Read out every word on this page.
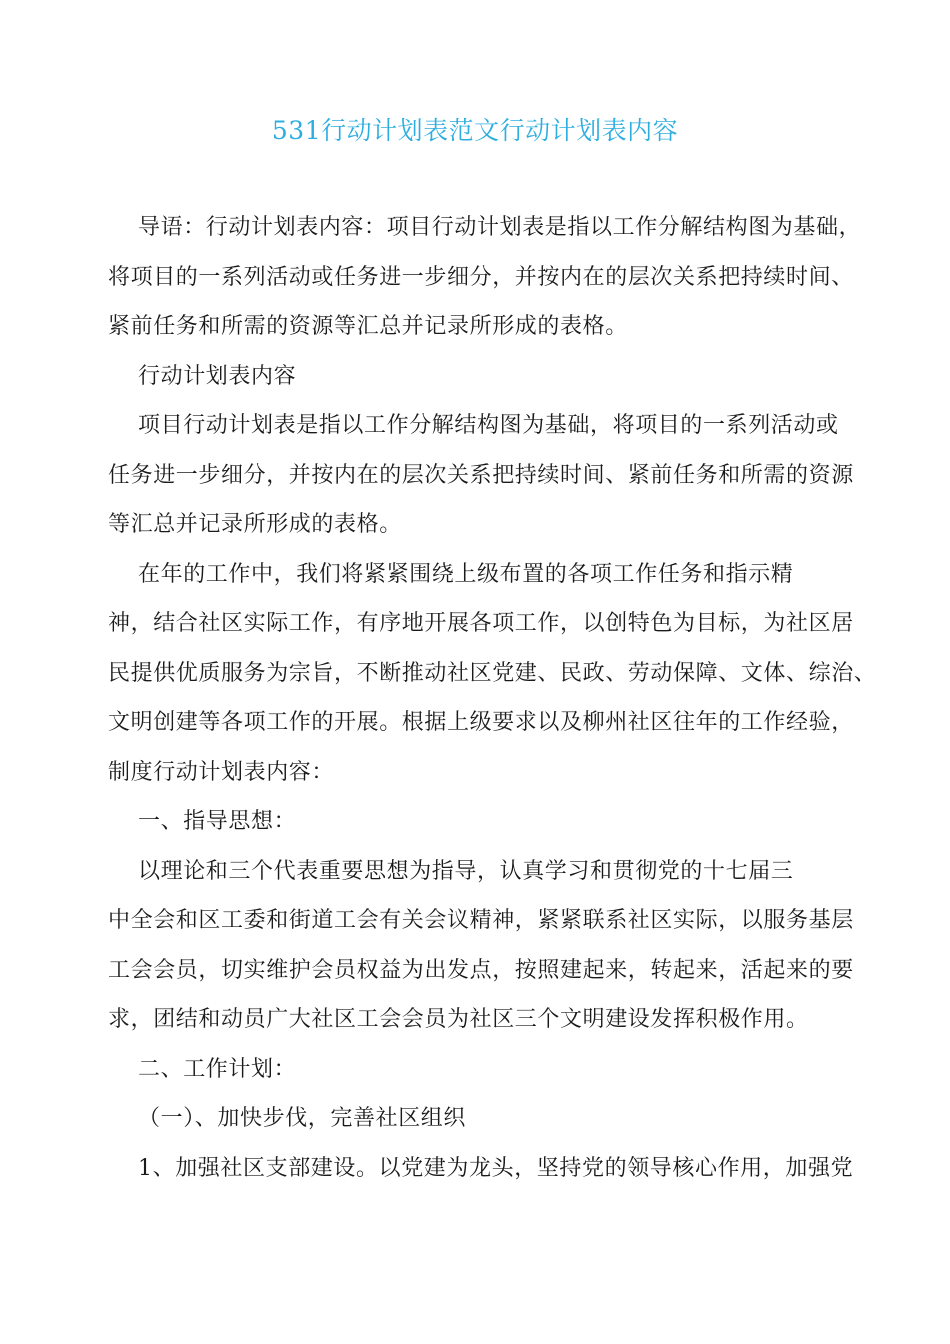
531行动计划表范文行动计划表内容
导语：行动计划表内容：项目行动计划表是指以工作分解结构图为基础，
将项目的一系列活动或任务进一步细分，并按内在的层次关系把持续时间、
紧前任务和所需的资源等汇总并记录所形成的表格。
行动计划表内容
项目行动计划表是指以工作分解结构图为基础，将项目的一系列活动或
任务进一步细分，并按内在的层次关系把持续时间、紧前任务和所需的资源
等汇总并记录所形成的表格。
在年的工作中，我们将紧紧围绕上级布置的各项工作任务和指示精
神，结合社区实际工作，有序地开展各项工作，以创特色为目标，为社区居
民提供优质服务为宗旨，不断推动社区党建、民政、劳动保障、文体、综治、
文明创建等各项工作的开展。根据上级要求以及柳州社区往年的工作经验，
制度行动计划表内容：
一、指导思想：
以理论和三个代表重要思想为指导，认真学习和贯彻党的十七届三
中全会和区工委和街道工会有关会议精神，紧紧联系社区实际，以服务基层
工会会员，切实维护会员权益为出发点，按照建起来，转起来，活起来的要
求，团结和动员广大社区工会会员为社区三个文明建设发挥积极作用。
二、工作计划：
（一）、加快步伐，完善社区组织
1、加强社区支部建设。以党建为龙头，坚持党的领导核心作用，加强党
